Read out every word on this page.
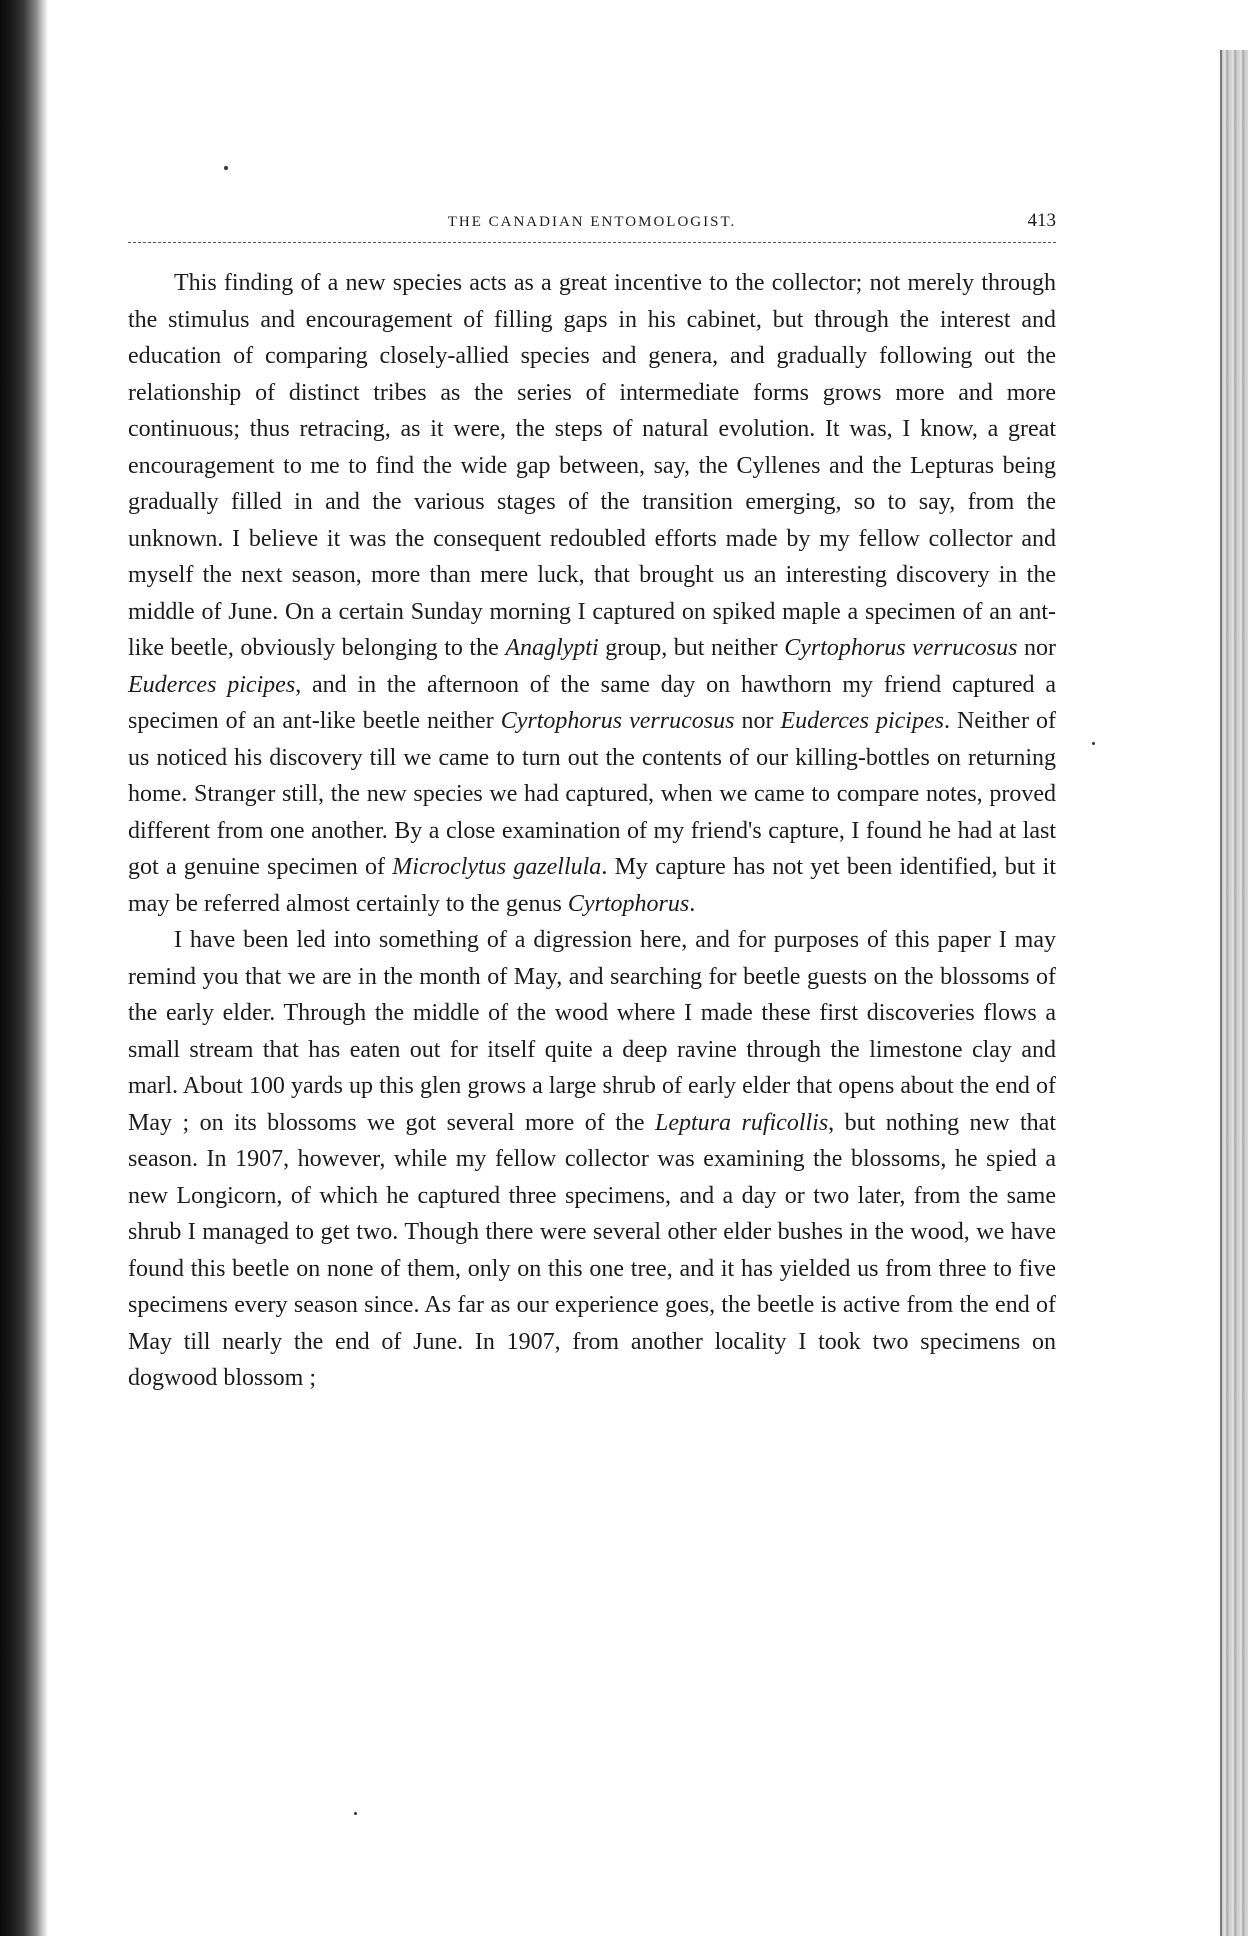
THE CANADIAN ENTOMOLOGIST.	413

This finding of a new species acts as a great incentive to the collector; not merely through the stimulus and encouragement of filling gaps in his cabinet, but through the interest and education of comparing closely-allied species and genera, and gradually following out the relationship of distinct tribes as the series of intermediate forms grows more and more continuous; thus retracing, as it were, the steps of natural evolution. It was, I know, a great encouragement to me to find the wide gap between, say, the Cyllenes and the Lepturas being gradually filled in and the various stages of the transition emerging, so to say, from the unknown. I believe it was the consequent redoubled efforts made by my fellow collector and myself the next season, more than mere luck, that brought us an interesting discovery in the middle of June. On a certain Sunday morning I captured on spiked maple a specimen of an ant-like beetle, obviously belonging to the Anaglypti group, but neither Cyrtophorus verrucosus nor Euderces picipes, and in the afternoon of the same day on hawthorn my friend captured a specimen of an ant-like beetle neither Cyrtophorus verrucosus nor Euderces picipes. Neither of us noticed his discovery till we came to turn out the contents of our killing-bottles on returning home. Stranger still, the new species we had captured, when we came to compare notes, proved different from one another. By a close examination of my friend's capture, I found he had at last got a genuine specimen of Microclytus gazellula. My capture has not yet been identified, but it may be referred almost certainly to the genus Cyrtophorus.

I have been led into something of a digression here, and for purposes of this paper I may remind you that we are in the month of May, and searching for beetle guests on the blossoms of the early elder. Through the middle of the wood where I made these first discoveries flows a small stream that has eaten out for itself quite a deep ravine through the limestone clay and marl. About 100 yards up this glen grows a large shrub of early elder that opens about the end of May ; on its blossoms we got several more of the Leptura ruficollis, but nothing new that season. In 1907, however, while my fellow collector was examining the blossoms, he spied a new Longicorn, of which he captured three specimens, and a day or two later, from the same shrub I managed to get two. Though there were several other elder bushes in the wood, we have found this beetle on none of them, only on this one tree, and it has yielded us from three to five specimens every season since. As far as our experience goes, the beetle is active from the end of May till nearly the end of June. In 1907, from another locality I took two specimens on dogwood blossom ;
